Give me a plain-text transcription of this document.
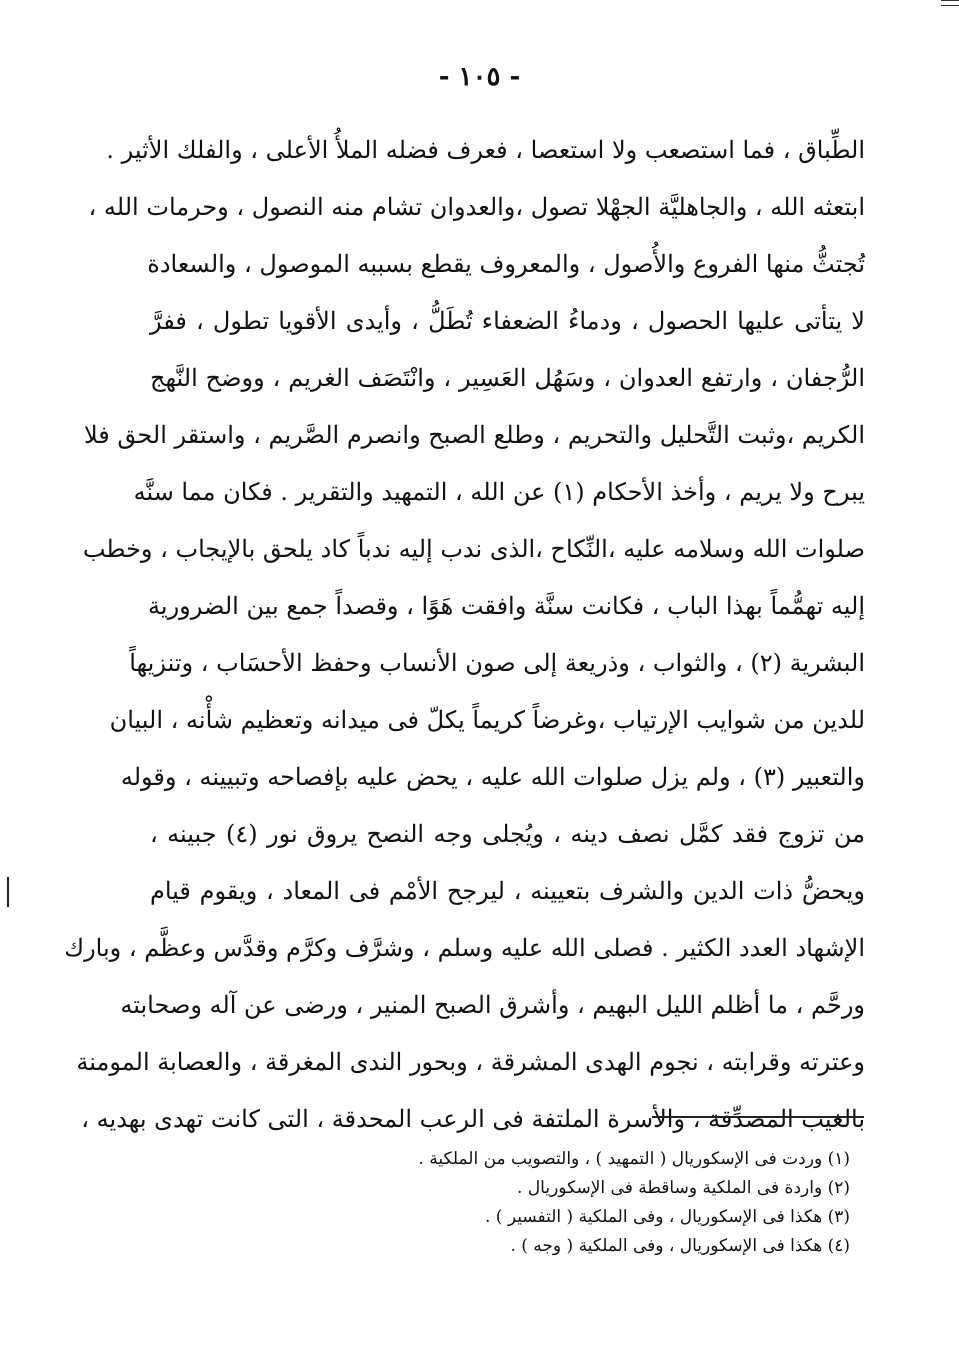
- ١٠٥ -
الطِّباق ، فما استصعب ولا استعصا ، فعرف فضله الملأُ الأعلى ، والفلك الأثير .
ابتعثه الله ، والجاهليَّة الجهْلا تصول ،والعدوان تشام منه النصول ، وحرمات الله ،
تُجتثُّ منها الفروع والأُصول ، والمعروف يقطع بسببه الموصول ، والسعادة
لا يتأتى عليها الحصول ، ودماءُ الضعفاء تُطَلُّ ، وأيدى الأقويا تطول ، ففرَّ
الرُّجفان ، وارتفع العدوان ، وسَهُل العَسِير ، وانْتَصَف الغريم ، ووضح النَّهج
الكريم ،وثبت التَّحليل والتحريم ، وطلع الصبح وانصرم الصَّريم ، واستقر الحق فلا
يبرح ولا يريم ، وأخذ الأحكام (١) عن الله ، التمهيد والتقرير . فكان مما سنَّه
صلوات الله وسلامه عليه ،النِّكاح ،الذى ندب إليه ندباً كاد يلحق بالإيجاب ، وخطب
إليه تهمُّماً بهذا الباب ، فكانت سنَّة وافقت هَوًا ، وقصداً جمع بين الضرورية
البشرية (٢) ، والثواب ، وذريعة إلى صون الأنساب وحفظ الأحسَاب ، وتنزيهاً
للدين من شوايب الإرتياب ،وغرضاً كريماً يكلّ فى ميدانه وتعظيم شأْنه ، البيان
والتعبير (٣) ، ولم يزل صلوات الله عليه ، يحض عليه بإفصاحه وتبيينه ، وقوله
من تزوج فقد كمَّل نصف دينه ، ويُجلى وجه النصح يروق نور (٤) جبينه ،
ويحضُّ ذات الدين والشرف بتعيينه ، ليرجح الأمْم فى المعاد ، ويقوم قيام
الإشهاد العدد الكثير . فصلى الله عليه وسلم ، وشرَّف وكرَّم وقدَّس وعظَّم ، وبارك
ورحَّم ، ما أظلم الليل البهيم ، وأشرق الصبح المنير ، ورضى عن آله وصحابته
وعترته وقرابته ، نجوم الهدى المشرقة ، وبحور الندى المغرقة ، والعصابة المومنة
بالغيب المصدِّقة ، والأسرة الملتفة فى الرعب المحدقة ، التى كانت تهدى بهديه ،
(١) وردت فى الإسكوريال ( التمهيد ) ، والتصويب من الملكية .
(٢) واردة فى الملكية وساقطة فى الإسكوريال .
(٣) هكذا فى الإسكوريال ، وفى الملكية ( التفسير ) .
(٤) هكذا فى الإسكوريال ، وفى الملكية ( وجه ) .
